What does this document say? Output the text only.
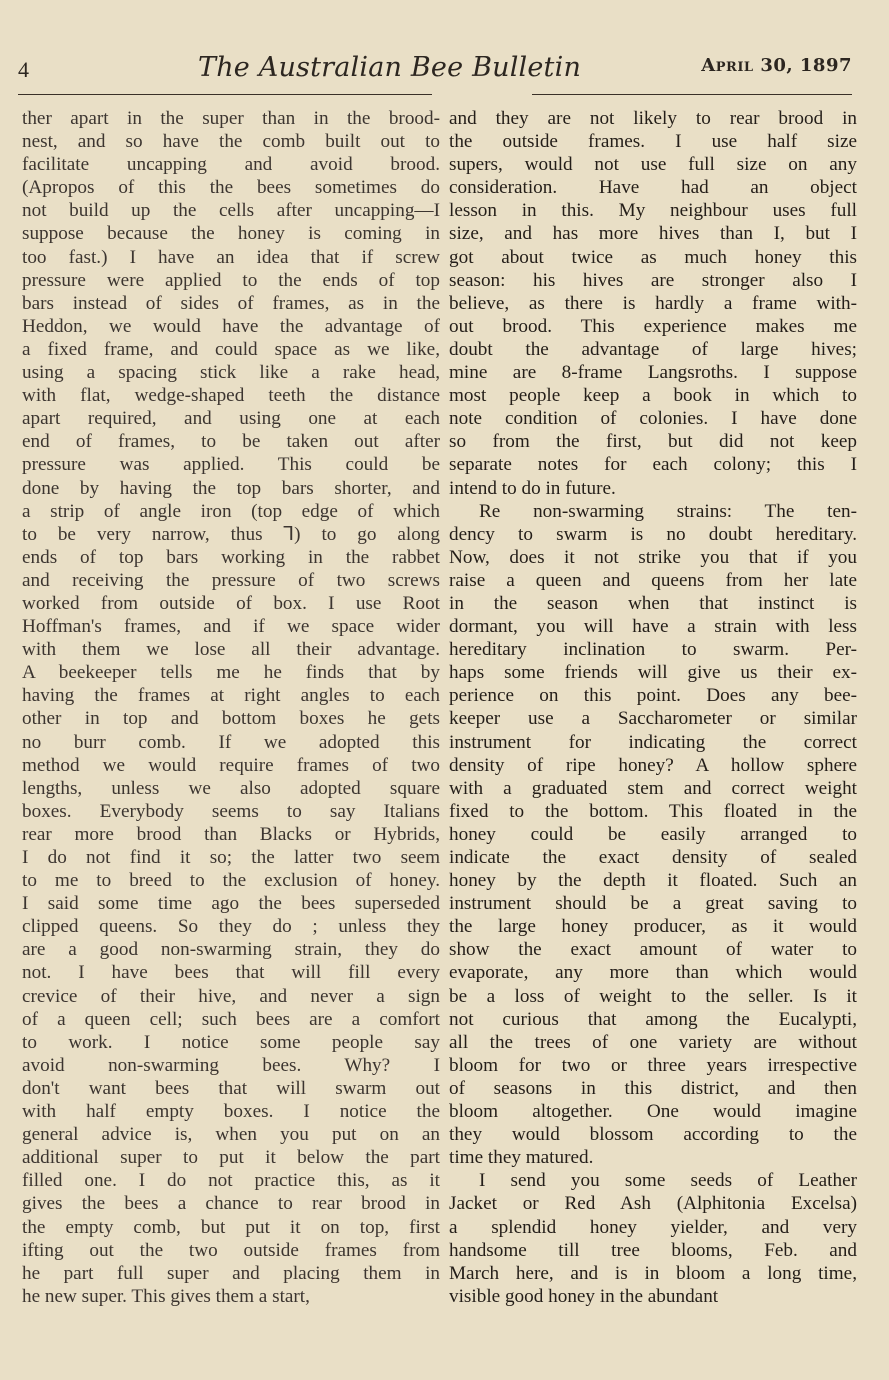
4	The Australian Bee Bulletin	April 30, 1897
ther apart in the super than in the brood-
nest, and so have the comb built out to
facilitate uncapping and avoid brood.
(Apropos of this the bees sometimes do
not build up the cells after uncapping—I
suppose because the honey is coming in
too fast.) I have an idea that if screw
pressure were applied to the ends of top
bars instead of sides of frames, as in the
Heddon, we would have the advantage of
a fixed frame, and could space as we like,
using a spacing stick like a rake head,
with flat, wedge-shaped teeth the distance
apart required, and using one at each
end of frames, to be taken out after
pressure was applied. This could be
done by having the top bars shorter, and
a strip of angle iron (top edge of which
to be very narrow, thus ⅂) to go along
ends of top bars working in the rabbet
and receiving the pressure of two screws
worked from outside of box. I use Root
Hoffman's frames, and if we space wider
with them we lose all their advantage.
A beekeeper tells me he finds that by
having the frames at right angles to each
other in top and bottom boxes he gets
no burr comb. If we adopted this
method we would require frames of two
lengths, unless we also adopted square
boxes. Everybody seems to say Italians
rear more brood than Blacks or Hybrids,
I do not find it so; the latter two seem
to me to breed to the exclusion of honey.
I said some time ago the bees superseded
clipped queens. So they do ; unless they
are a good non-swarming strain, they do
not. I have bees that will fill every
crevice of their hive, and never a sign
of a queen cell; such bees are a comfort
to work. I notice some people say
avoid non-swarming bees. Why? I
don't want bees that will swarm out
with half empty boxes. I notice the
general advice is, when you put on an
additional super to put it below the part
filled one. I do not practice this, as it
gives the bees a chance to rear brood in
the empty comb, but put it on top, first
ifting out the two outside frames from
he part full super and placing them in
he new super. This gives them a start,
and they are not likely to rear brood in
the outside frames. I use half size
supers, would not use full size on any
consideration. Have had an object
lesson in this. My neighbour uses full
size, and has more hives than I, but I
got about twice as much honey this
season: his hives are stronger also I
believe, as there is hardly a frame with-
out brood. This experience makes me
doubt the advantage of large hives;
mine are 8-frame Langsroths. I suppose
most people keep a book in which to
note condition of colonies. I have done
so from the first, but did not keep
separate notes for each colony; this I
intend to do in future.
Re non-swarming strains: The ten-
dency to swarm is no doubt hereditary.
Now, does it not strike you that if you
raise a queen and queens from her late
in the season when that instinct is
dormant, you will have a strain with less
hereditary inclination to swarm. Per-
haps some friends will give us their ex-
perience on this point. Does any bee-
keeper use a Saccharometer or similar
instrument for indicating the correct
density of ripe honey? A hollow sphere
with a graduated stem and correct weight
fixed to the bottom. This floated in the
honey could be easily arranged to
indicate the exact density of sealed
honey by the depth it floated. Such an
instrument should be a great saving to
the large honey producer, as it would
show the exact amount of water to
evaporate, any more than which would
be a loss of weight to the seller. Is it
not curious that among the Eucalypti,
all the trees of one variety are without
bloom for two or three years irrespective
of seasons in this district, and then
bloom altogether. One would imagine
they would blossom according to the
time they matured.
I send you some seeds of Leather
Jacket or Red Ash (Alphitonia Excelsa)
a splendid honey yielder, and very
handsome till tree blooms, Feb. and
March here, and is in bloom a long time,
visible good honey in the abundant
